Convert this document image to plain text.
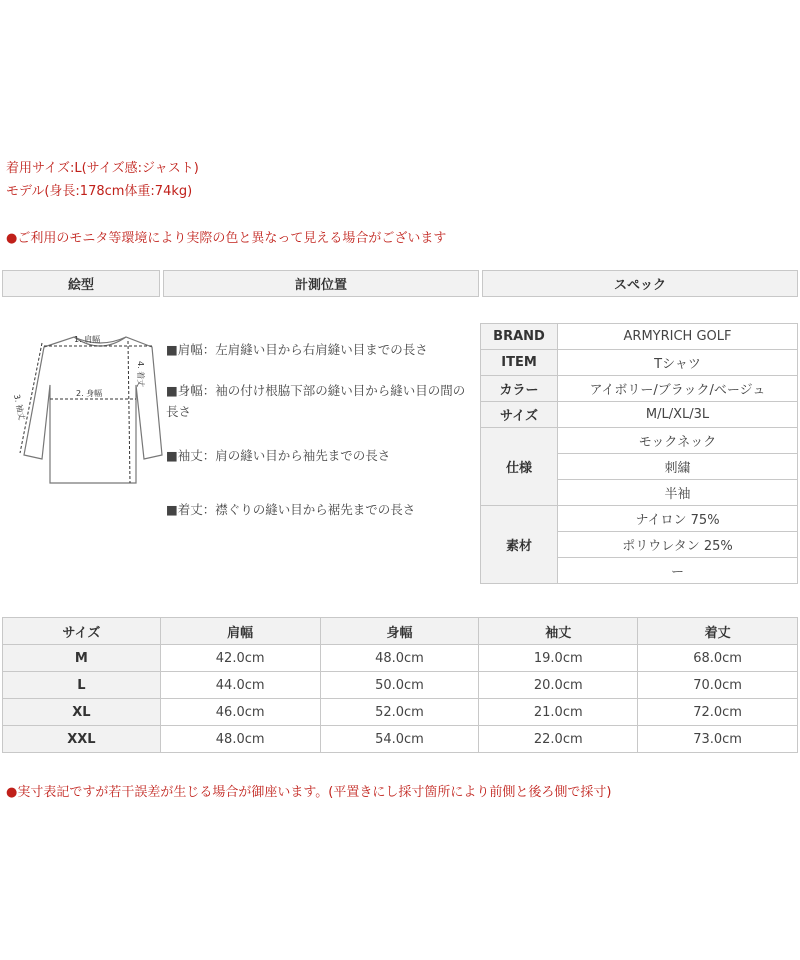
着用サイズ:L(サイズ感:ジャスト)
モデル(身長:178cm体重:74kg)
●ご利用のモニタ等環境により実際の色と異なって見える場合がございます
絵型	計測位置	スペック
1. 肩幅
2. 身幅
3. 袖丈
4. 着丈
■肩幅：左肩縫い目から右肩縫い目までの長さ
■身幅：袖の付け根脇下部の縫い目から縫い目の間の長さ
■袖丈：肩の縫い目から袖先までの長さ
■着丈：襟ぐりの縫い目から裾先までの長さ
BRAND	ARMYRICH GOLF
ITEM	Tシャツ
カラー	アイボリー/ブラック/ベージュ
サイズ	M/L/XL/3L
仕様	モックネック
	刺繍
	半袖
素材	ナイロン 75%
	ポリウレタン 25%
	ー
サイズ	肩幅	身幅	袖丈	着丈
M	42.0cm	48.0cm	19.0cm	68.0cm
L	44.0cm	50.0cm	20.0cm	70.0cm
XL	46.0cm	52.0cm	21.0cm	72.0cm
XXL	48.0cm	54.0cm	22.0cm	73.0cm
●実寸表記ですが若干誤差が生じる場合が御座います。(平置きにし採寸箇所により前側と後ろ側で採寸)
